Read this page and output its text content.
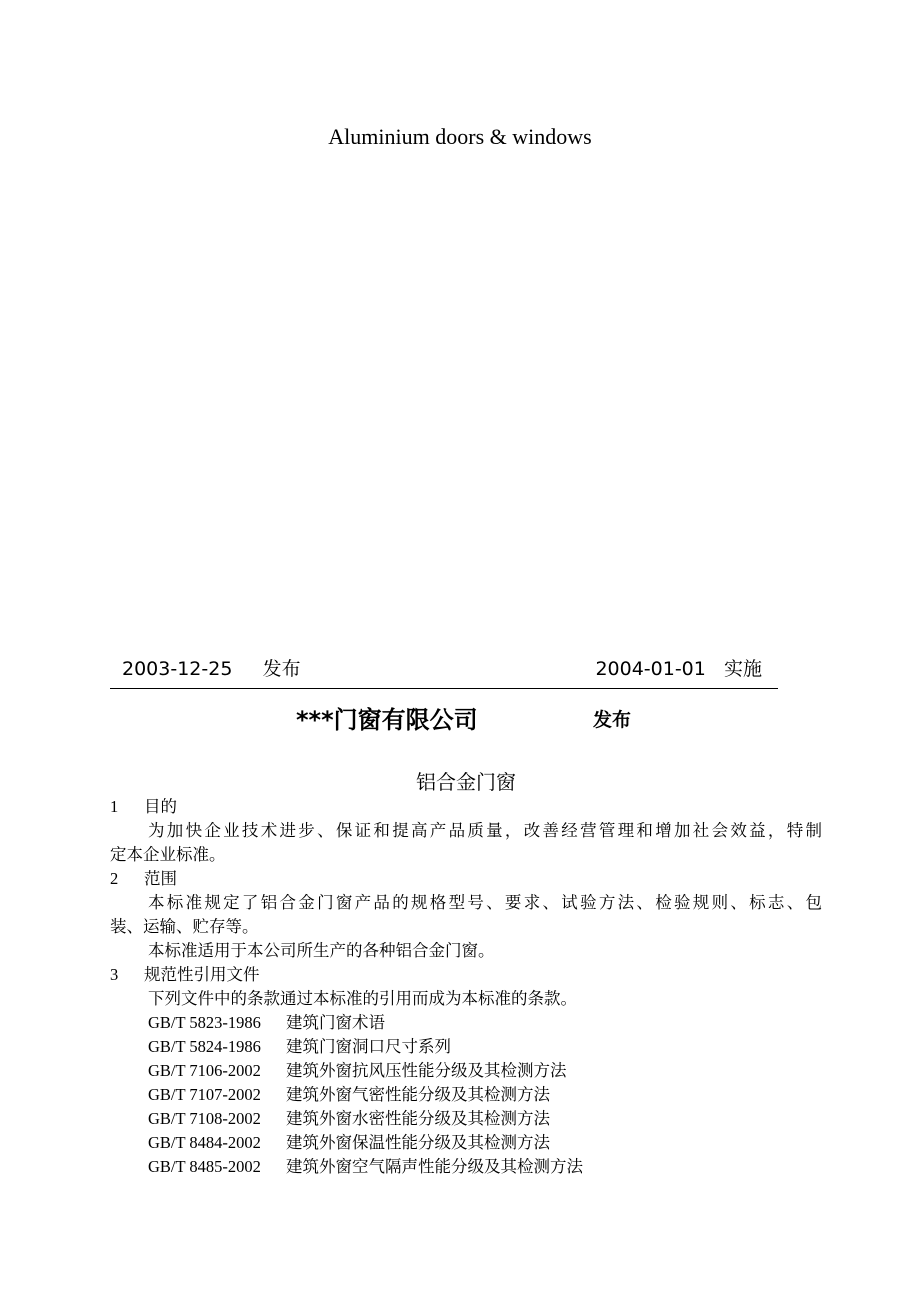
Aluminium doors & windows
2003-12-25 发布	2004-01-01 实施
***门窗有限公司	发布
铝合金门窗
1 目的
为加快企业技术进步、保证和提高产品质量，改善经营管理和增加社会效益，特制
定本企业标准。
2 范围
本标准规定了铝合金门窗产品的规格型号、要求、试验方法、检验规则、标志、包
装、运输、贮存等。
本标准适用于本公司所生产的各种铝合金门窗。
3 规范性引用文件
下列文件中的条款通过本标准的引用而成为本标准的条款。
GB/T 5823-1986 建筑门窗术语
GB/T 5824-1986 建筑门窗洞口尺寸系列
GB/T 7106-2002 建筑外窗抗风压性能分级及其检测方法
GB/T 7107-2002 建筑外窗气密性能分级及其检测方法
GB/T 7108-2002 建筑外窗水密性能分级及其检测方法
GB/T 8484-2002 建筑外窗保温性能分级及其检测方法
GB/T 8485-2002 建筑外窗空气隔声性能分级及其检测方法
